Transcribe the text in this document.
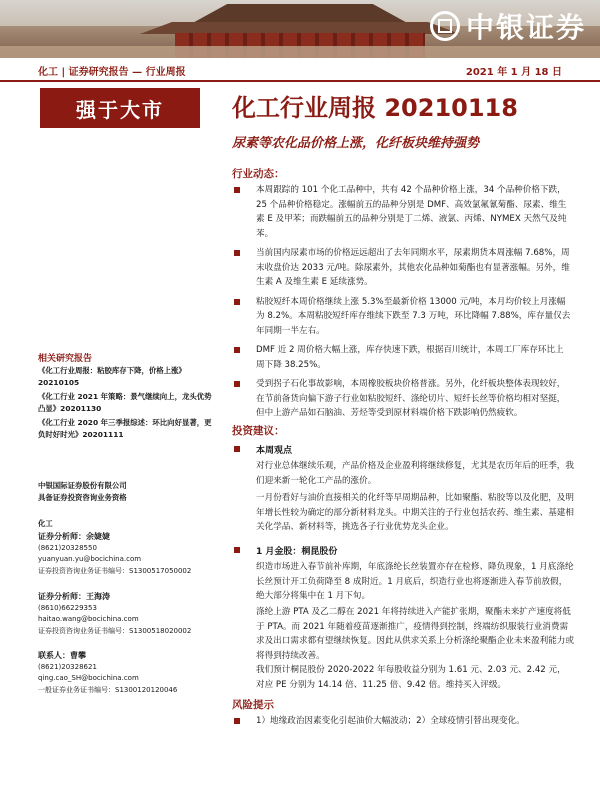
中银证券
化工 | 证券研究报告 — 行业周报	2021 年 1 月 18 日
强于大市	化工行业周报 20210118
尿素等农化品价格上涨，化纤板块维持强势
行业动态：
本周跟踪的 101 个化工品种中，共有 42 个品种价格上涨，34 个品种价格下跌，25 个品种价格稳定。涨幅前五的品种分别是 DMF、高效氯氟氰菊酯、尿素、维生素 E 及甲苯；而跌幅前五的品种分别是丁二烯、液氯、丙烯、NYMEX 天然气及纯苯。
当前国内尿素市场的价格远远超出了去年同期水平，尿素期货本周涨幅 7.68%，周末收盘价达 2033 元/吨。除尿素外，其他农化品种如菊酯也有显著涨幅。另外，维生素 A 及维生素 E 延续涨势。
粘胶短纤本周价格继续上涨 5.3%至最新价格 13000 元/吨，本月均价较上月涨幅为 8.2%。本周粘胶短纤库存维续下跌至 7.3 万吨，环比降幅 7.88%，库存量仅去年同期一半左右。
DMF 近 2 周价格大幅上涨，库存快速下跌，根据百川统计，本周工厂库存环比上周下降 38.25%。
受到拐子石化事故影响，本周橡胶板块价格普涨。另外，化纤板块整体表现较好，在节前备货向偏下游子行业如粘胶短纤、涤纶切片、短纤长丝等价格均相对坚挺，但中上游产品如石脑油、芳烃等受到原材料端价格下跌影响仍然疲软。
投资建议：
本周观点

对行业总体继续乐观，产品价格及企业盈利将继续修复，尤其是农历年后的旺季，我们迎来新一轮化工产品的涨价。

一月份看好与油价直接相关的化纤等早周期品种，比如聚酯、粘胶等以及化肥，及明年增长性较为确定的部分新材料龙头。中期关注的子行业包括农药、维生素、基建相关化学品、新材料等，挑选各子行业优势龙头企业。

1 月金股：桐昆股份

织造市场进入春节前补库期，年底涤纶长丝装置亦存在检修、降负现象，1 月底涤纶长丝预计开工负荷降至 8 成附近。1 月底后，织造行业也将逐渐进入春节前放假，绝大部分将集中在 1 月下旬。

涤纶上游 PTA 及乙二醇在 2021 年将持续进入产能扩张期，聚酯未来扩产速度将低于 PTA。而 2021 年随着疫苗逐渐推广，疫情得到控制，终端纺织服装行业消费需求及出口需求都有望继续恢复。因此从供求关系上分析涤纶聚酯企业未来盈利能力或将得到持续改善。

我们预计桐昆股份 2020-2022 年每股收益分别为 1.61 元、2.03 元、2.42 元，对应 PE 分别为 14.14 倍、11.25 倍、9.42 倍。维持买入评级。

风险提示
1）地缘政治因素变化引起油价大幅波动；2）全球疫情引替出现变化。
相关研究报告
《化工行业周报：粘胶库存下降，价格上涨》20210105
《化工行业 2021 年策略：景气继续向上，龙头优势凸显》20201130
《化工行业 2020 年三季报综述：环比向好显著，更负时好时光》20201111
中银国际证券股份有限公司
具备证券投资咨询业务资格
化工
证券分析师：余婕婕
(8621)20328550
yuanyuan.yu@bocichina.com
证券投资咨询业务证书编号：S1300517050002
证券分析师：王海涛
(8610)66229353
haitao.wang@bocichina.com
证券投资咨询业务证书编号：S1300518020002
联系人：曹攀
(8621)20328621
qing.cao_SH@bocichina.com
一般证券业务证书编号：S1300120120046
